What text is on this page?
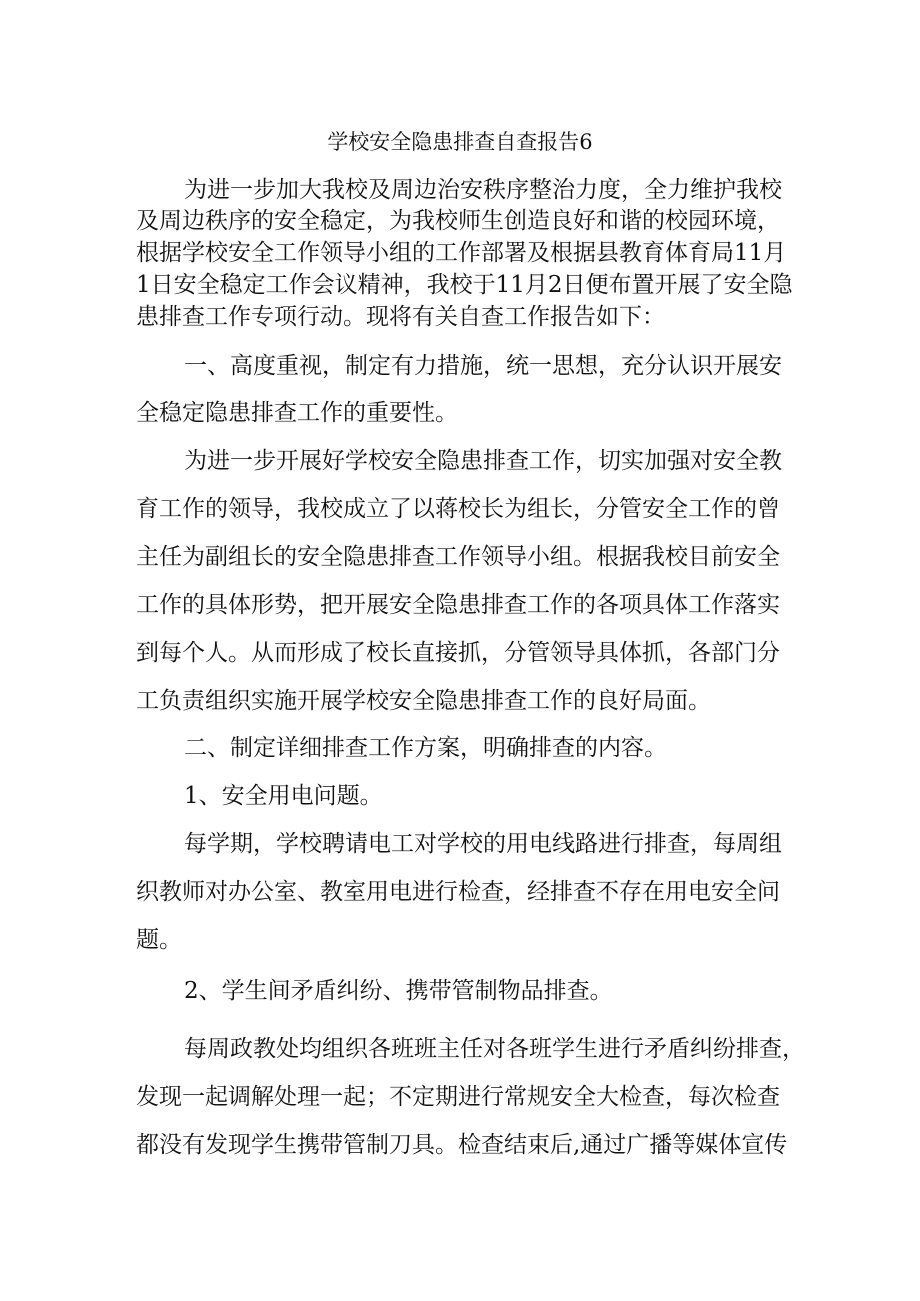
学校安全隐患排查自查报告6
为进一步加大我校及周边治安秩序整治力度，全力维护我校
及周边秩序的安全稳定，为我校师生创造良好和谐的校园环境，
根据学校安全工作领导小组的工作部署及根据县教育体育局11月
1日安全稳定工作会议精神，我校于11月2日便布置开展了安全隐
患排查工作专项行动。现将有关自查工作报告如下：
一、高度重视，制定有力措施，统一思想，充分认识开展安
全稳定隐患排查工作的重要性。
为进一步开展好学校安全隐患排查工作，切实加强对安全教
育工作的领导，我校成立了以蒋校长为组长，分管安全工作的曾
主任为副组长的安全隐患排查工作领导小组。根据我校目前安全
工作的具体形势，把开展安全隐患排查工作的各项具体工作落实
到每个人。从而形成了校长直接抓，分管领导具体抓，各部门分
工负责组织实施开展学校安全隐患排查工作的良好局面。
二、制定详细排查工作方案，明确排查的内容。
1、安全用电问题。
每学期，学校聘请电工对学校的用电线路进行排查，每周组
织教师对办公室、教室用电进行检查，经排查不存在用电安全问
题。
2、学生间矛盾纠纷、携带管制物品排查。
每周政教处均组织各班班主任对各班学生进行矛盾纠纷排查，
发现一起调解处理一起；不定期进行常规安全大检查，每次检查
都没有发现学生携带管制刀具。检查结束后,通过广播等媒体宣传
